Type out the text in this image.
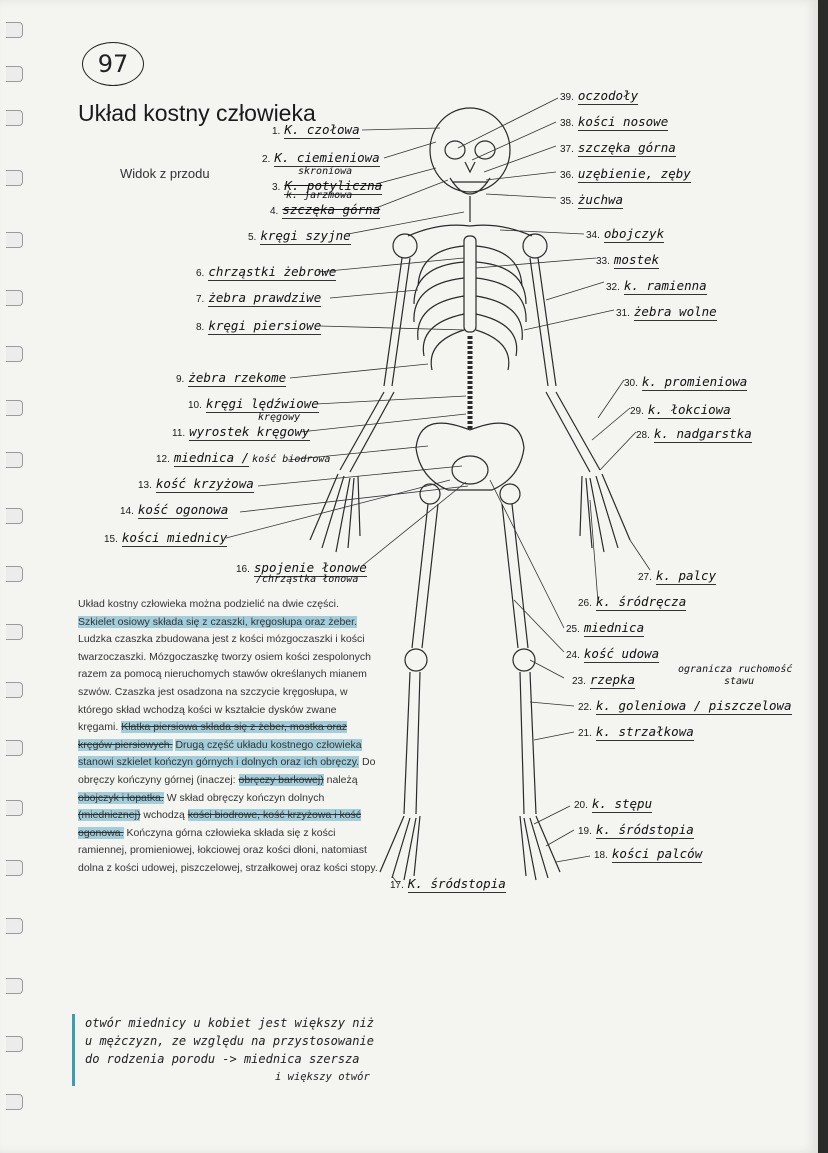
97
Układ kostny człowieka
Widok z przodu
1. K. czołowa
2. K. ciemieniowa
skroniowa
3. K. potyliczna
k. jarzmowa
4. szczęka górna
5. kręgi szyjne
6. chrząstki żebrowe
7. żebra prawdziwe
8. kręgi piersiowe
9. żebra rzekome
10. kręgi lędźwiowe
kręgowy
11. wyrostek kręgowy
12. miednica / kość biodrowa
13. kość krzyżowa
14. kość ogonowa
15. kości miednicy
16. spojenie łonowe
/chrząstka łonowa
39. oczodoły
38. kości nosowe
37. szczęka górna
36. uzębienie, zęby
35. żuchwa
34. obojczyk
33. mostek
32. k. ramienna
31. żebra wolne
30. k. promieniowa
29. k. łokciowa
28. k. nadgarstka
27. k. palcy
26. k. śródręcza
25. miednica
24. kość udowa
23. rzepka
ogranicza ruchomość
stawu
22. k. goleniowa / piszczelowa
21. k. strzałkowa
20. k. stępu
19. k. śródstopia
18. kości palców
17. K. śródstopia
Układ kostny człowieka można podzielić na dwie części. Szkielet osiowy składa się z czaszki, kręgosłupa oraz żeber. Ludzka czaszka zbudowana jest z kości mózgoczaszki i kości twarzoczaszki. Mózgoczaszkę tworzy osiem kości zespolonych razem za pomocą nieruchomych stawów określanych mianem szwów. Czaszka jest osadzona na szczycie kręgosłupa, w którego skład wchodzą kości w kształcie dysków zwane kręgami. Klatka piersiowa składa się z żeber, mostka oraz kręgów piersiowych. Drugą część układu kostnego człowieka stanowi szkielet kończyn górnych i dolnych oraz ich obręczy. Do obręczy kończyny górnej (inaczej: obręczy barkowej) należą obojczyk i łopatka. W skład obręczy kończyn dolnych (miednicznej) wchodzą kości biodrowe, kość krzyżowa i kość ogonowa. Kończyna górna człowieka składa się z kości ramiennej, promieniowej, łokciowej oraz kości dłoni, natomiast dolna z kości udowej, piszczelowej, strzałkowej oraz kości stopy.
otwór miednicy u kobiet jest większy niż
u mężczyzn, ze względu na przystosowanie
do rodzenia porodu -> miednica szersza
i większy otwór
